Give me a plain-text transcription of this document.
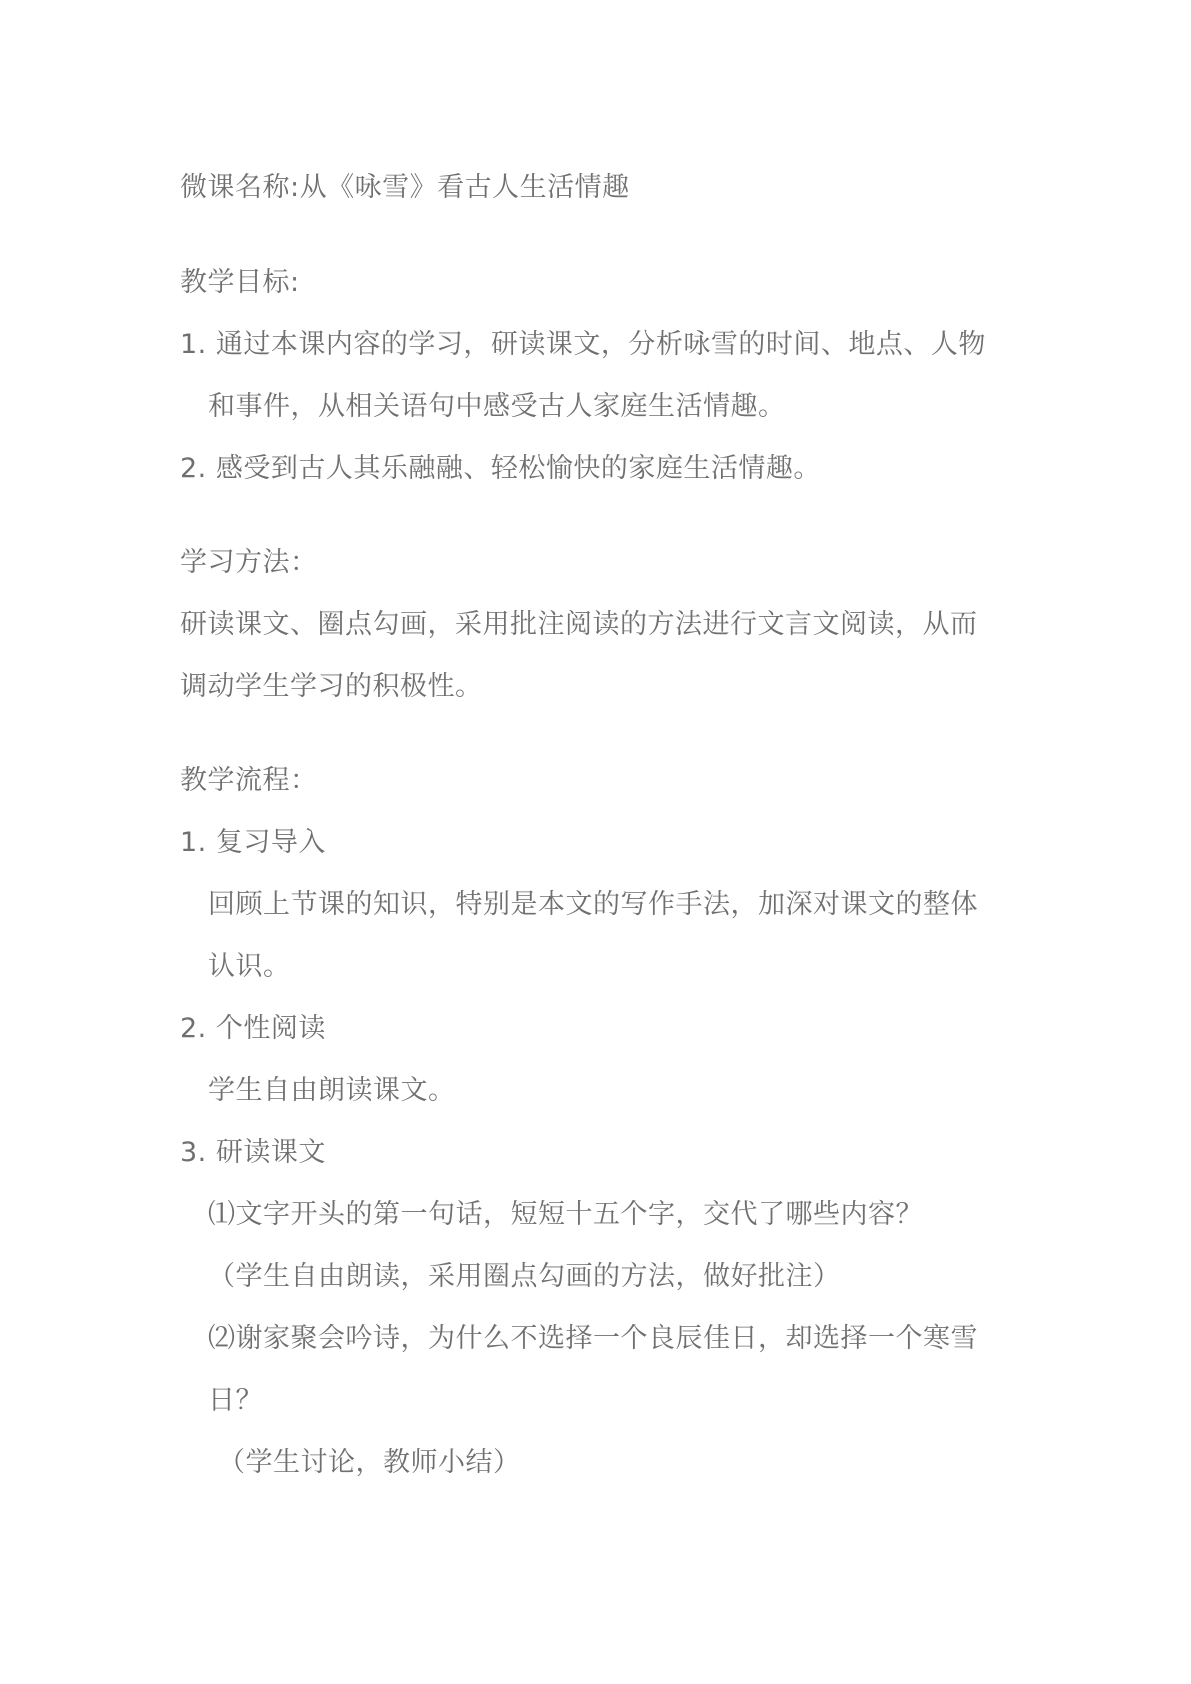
微课名称:从《咏雪》看古人生活情趣
教学目标:
1. 通过本课内容的学习，研读课文，分析咏雪的时间、地点、人物
和事件，从相关语句中感受古人家庭生活情趣。
2. 感受到古人其乐融融、轻松愉快的家庭生活情趣。
学习方法：
研读课文、圈点勾画，采用批注阅读的方法进行文言文阅读，从而
调动学生学习的积极性。
教学流程：
1. 复习导入
回顾上节课的知识，特别是本文的写作手法，加深对课文的整体
认识。
2. 个性阅读
学生自由朗读课文。
3. 研读课文
⑴文字开头的第一句话，短短十五个字，交代了哪些内容？
（学生自由朗读，采用圈点勾画的方法，做好批注）
⑵谢家聚会吟诗，为什么不选择一个良辰佳日，却选择一个寒雪
日？
（学生讨论，教师小结）
